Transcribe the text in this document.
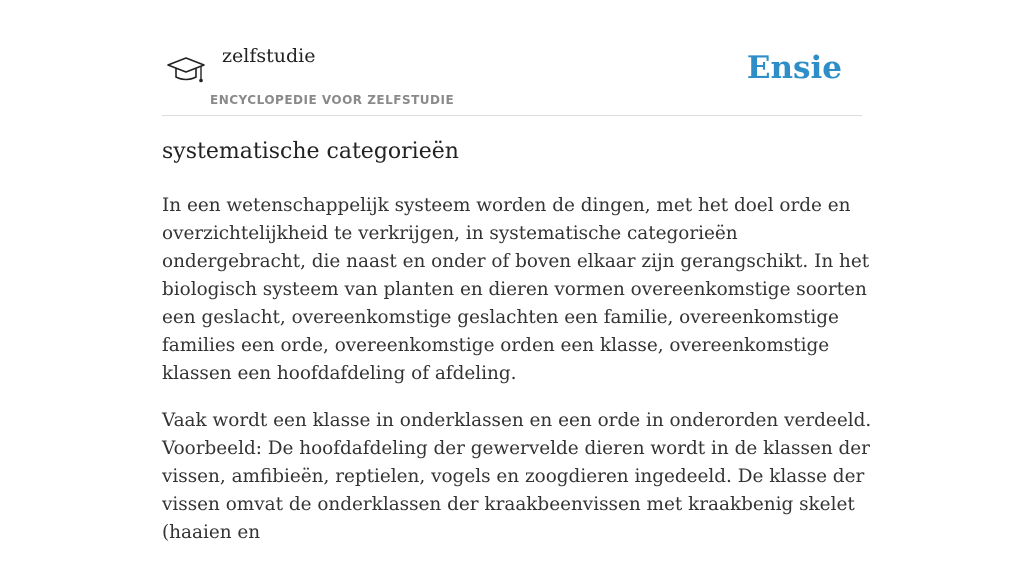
zelfstudie
ENCYCLOPEDIE VOOR ZELFSTUDIE
Ensie
systematische categorieën

In een wetenschappelijk systeem worden de dingen, met het doel orde en overzichtelijkheid te verkrijgen, in systematische categorieën ondergebracht, die naast en onder of boven elkaar zijn gerangschikt. In het biologisch systeem van planten en dieren vormen overeenkomstige soorten een geslacht, overeenkomstige geslachten een familie, overeenkomstige families een orde, overeenkomstige orden een klasse, overeenkomstige klassen een hoofdafdeling of afdeling.

Vaak wordt een klasse in onderklassen en een orde in onderorden verdeeld. Voorbeeld: De hoofdafdeling der gewervelde dieren wordt in de klassen der vissen, amfibieën, reptielen, vogels en zoogdieren ingedeeld. De klasse der vissen omvat de onderklassen der kraakbeenvissen met kraakbenig skelet (haaien en
